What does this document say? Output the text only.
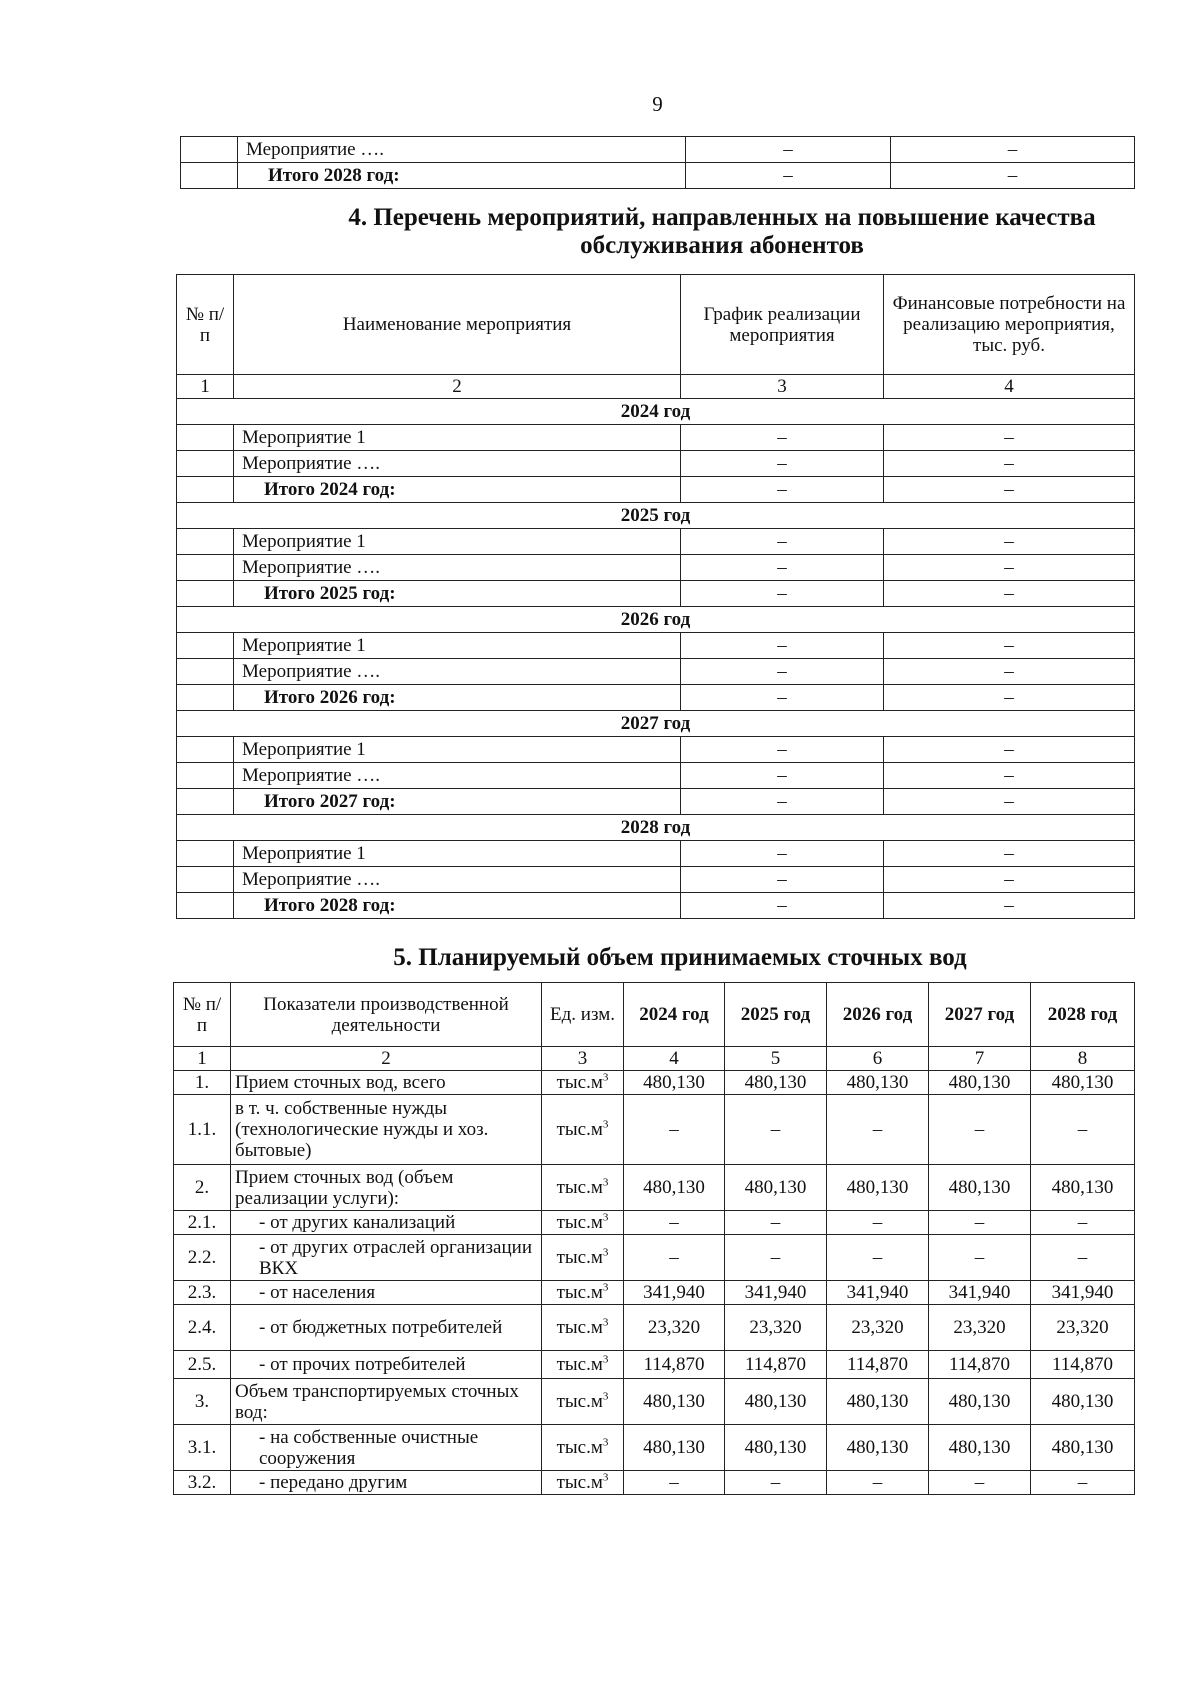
9
	Мероприятие ….	–	–
	Итого 2028 год:	–	–
4. Перечень мероприятий, направленных на повышение качества
обслуживания абонентов
№ п/п	Наименование мероприятия	График реализации мероприятия	Финансовые потребности на реализацию мероприятия, тыс. руб.
1	2	3	4
2024 год			
	Мероприятие 1	–	–
	Мероприятие ….	–	–
	Итого 2024 год:	–	–
2025 год			
	Мероприятие 1	–	–
	Мероприятие ….	–	–
	Итого 2025 год:	–	–
2026 год			
	Мероприятие 1	–	–
	Мероприятие ….	–	–
	Итого 2026 год:	–	–
2027 год			
	Мероприятие 1	–	–
	Мероприятие ….	–	–
	Итого 2027 год:	–	–
2028 год			
	Мероприятие 1	–	–
	Мероприятие ….	–	–
	Итого 2028 год:	–	–
5. Планируемый объем принимаемых сточных вод
№ п/п	Показатели производственной деятельности	Ед. изм.	2024 год	2025 год	2026 год	2027 год	2028 год
1	2	3	4	5	6	7	8
1.	Прием сточных вод, всего	$тыс.м^3$	480,130	480,130	480,130	480,130	480,130
1.1.	в т. ч. собственные нужды (технологические нужды и хоз. бытовые)	$тыс.м^3$	–	–	–	–	–
2.	Прием сточных вод (объем реализации услуги):	$тыс.м^3$	480,130	480,130	480,130	480,130	480,130
2.1.	- от других канализаций	$тыс.м^3$	–	–	–	–	–
2.2.	- от других отраслей организации ВКХ	$тыс.м^3$	–	–	–	–	–
2.3.	- от населения	$тыс.м^3$	341,940	341,940	341,940	341,940	341,940
2.4.	- от бюджетных потребителей	$тыс.м^3$	23,320	23,320	23,320	23,320	23,320
2.5.	- от прочих потребителей	$тыс.м^3$	114,870	114,870	114,870	114,870	114,870
3.	Объем транспортируемых сточных вод:	$тыс.м^3$	480,130	480,130	480,130	480,130	480,130
3.1.	- на собственные очистные сооружения	$тыс.м^3$	480,130	480,130	480,130	480,130	480,130
3.2.	- передано другим	$тыс.м^3$	–	–	–	–	–
